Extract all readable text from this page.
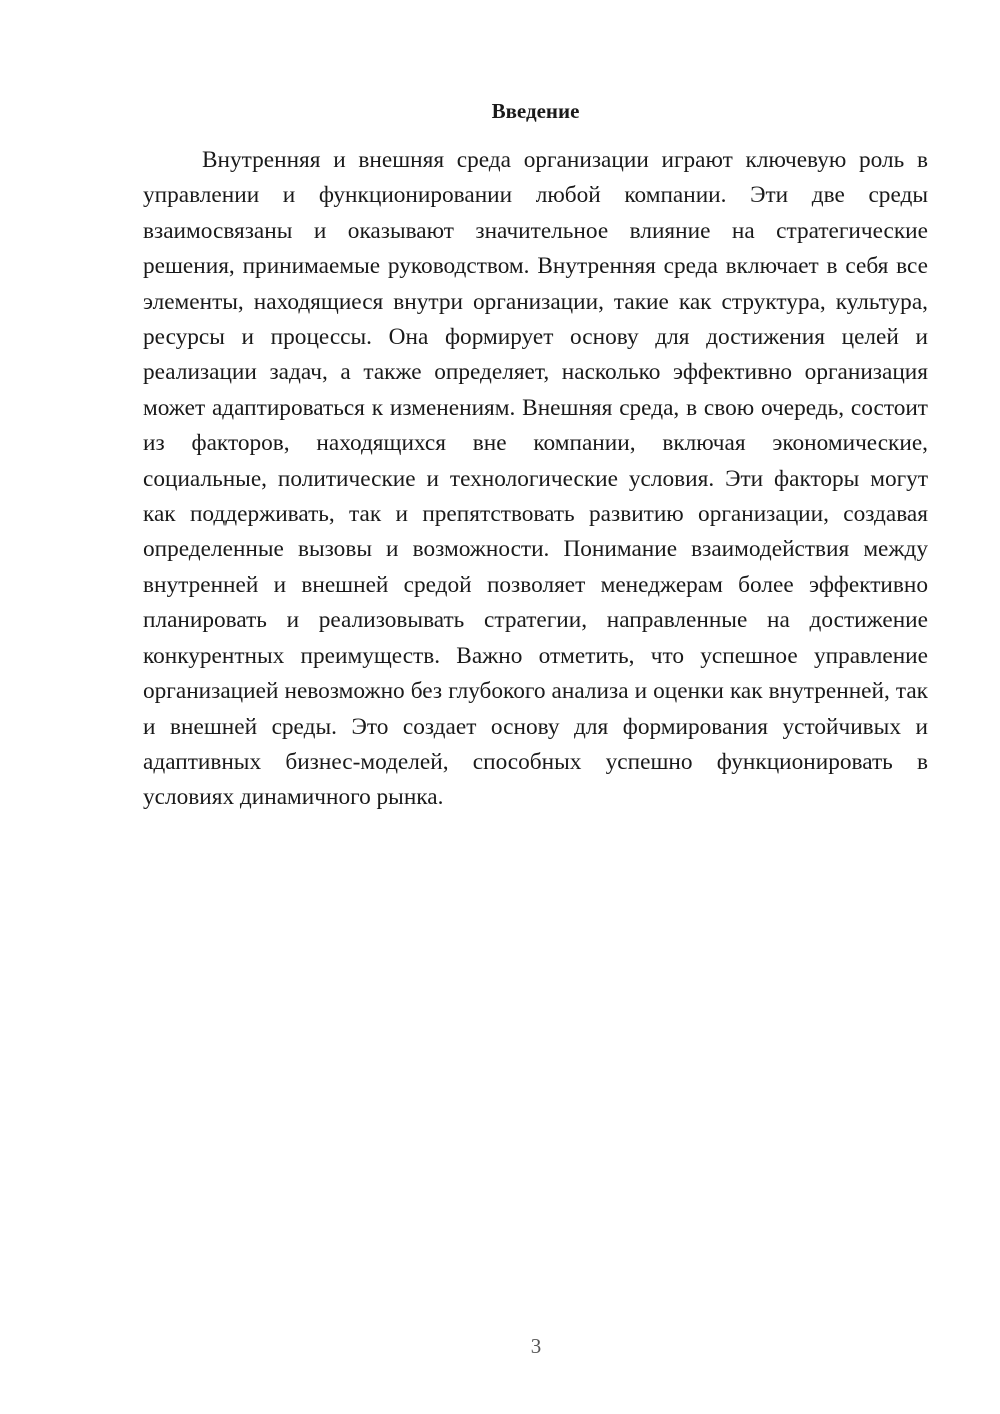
Введение

Внутренняя и внешняя среда организации играют ключевую роль в управлении и функционировании любой компании. Эти две среды взаимосвязаны и оказывают значительное влияние на стратегические решения, принимаемые руководством. Внутренняя среда включает в себя все элементы, находящиеся внутри организации, такие как структура, культура, ресурсы и процессы. Она формирует основу для достижения целей и реализации задач, а также определяет, насколько эффективно организация может адаптироваться к изменениям. Внешняя среда, в свою очередь, состоит из факторов, находящихся вне компании, включая экономические, социальные, политические и технологические условия. Эти факторы могут как поддерживать, так и препятствовать развитию организации, создавая определенные вызовы и возможности. Понимание взаимодействия между внутренней и внешней средой позволяет менеджерам более эффективно планировать и реализовывать стратегии, направленные на достижение конкурентных преимуществ. Важно отметить, что успешное управление организацией невозможно без глубокого анализа и оценки как внутренней, так и внешней среды. Это создает основу для формирования устойчивых и адаптивных бизнес-моделей, способных успешно функционировать в условиях динамичного рынка.

3
